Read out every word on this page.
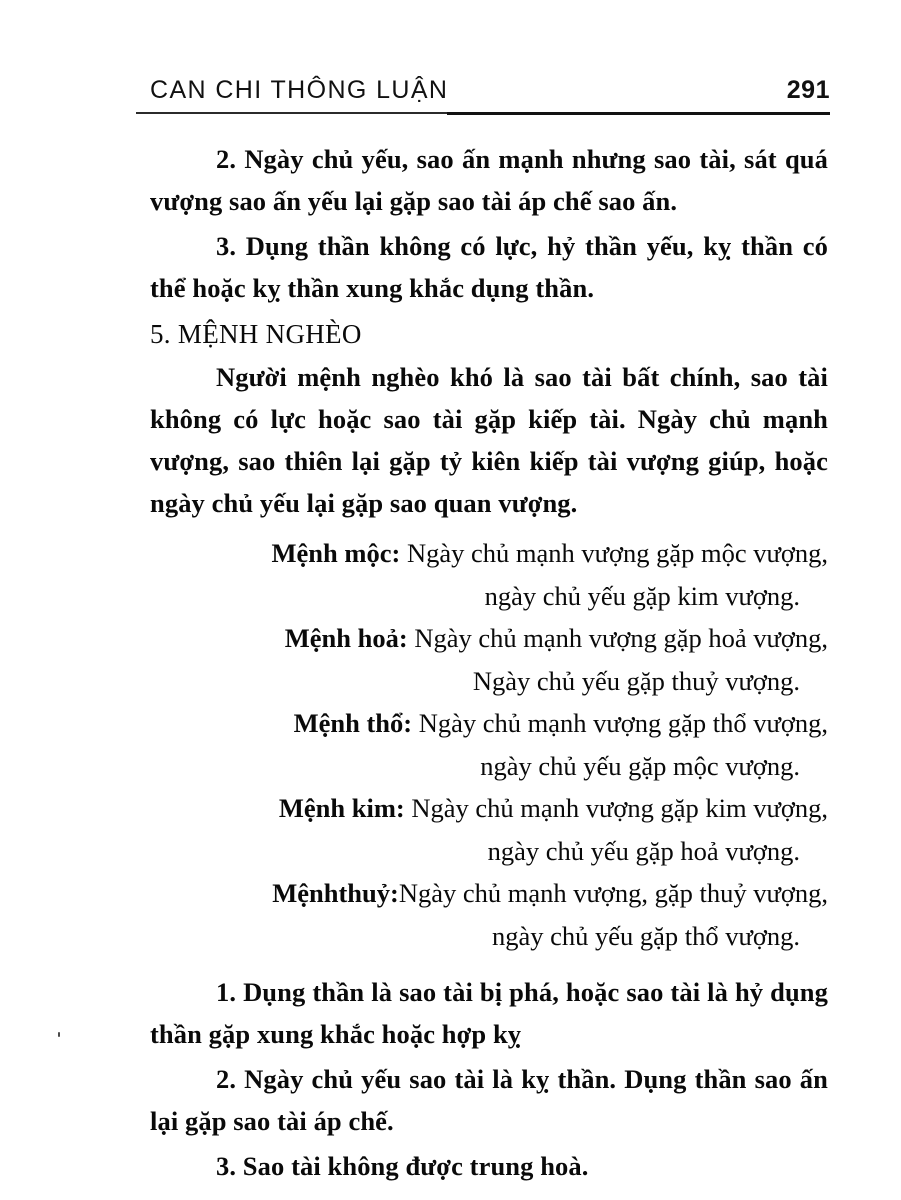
CAN CHI THÔNG LUẬN	291

2. Ngày chủ yếu, sao ấn mạnh nhưng sao tài, sát quá vượng sao ấn yếu lại gặp sao tài áp chế sao ấn.

3. Dụng thần không có lực, hỷ thần yếu, kỵ thần có thể hoặc kỵ thần xung khắc dụng thần.

5. MỆNH NGHÈO

Người mệnh nghèo khó là sao tài bất chính, sao tài không có lực hoặc sao tài gặp kiếp tài. Ngày chủ mạnh vượng, sao thiên lại gặp tỷ kiên kiếp tài vượng giúp, hoặc ngày chủ yếu lại gặp sao quan vượng.

Mệnh mộc: Ngày chủ mạnh vượng gặp mộc vượng,
ngày chủ yếu gặp kim vượng.
Mệnh hoả: Ngày chủ mạnh vượng gặp hoả vượng,
Ngày chủ yếu gặp thuỷ vượng.
Mệnh thổ: Ngày chủ mạnh vượng gặp thổ vượng,
ngày chủ yếu gặp mộc vượng.
Mệnh kim: Ngày chủ mạnh vượng gặp kim vượng,
ngày chủ yếu gặp hoả vượng.
Mệnhthuỷ:Ngày chủ mạnh vượng, gặp thuỷ vượng,
ngày chủ yếu gặp thổ vượng.

1. Dụng thần là sao tài bị phá, hoặc sao tài là hỷ dụng thần gặp xung khắc hoặc hợp kỵ

2. Ngày chủ yếu sao tài là kỵ thần. Dụng thần sao ấn lại gặp sao tài áp chế.

3. Sao tài không được trung hoà.
